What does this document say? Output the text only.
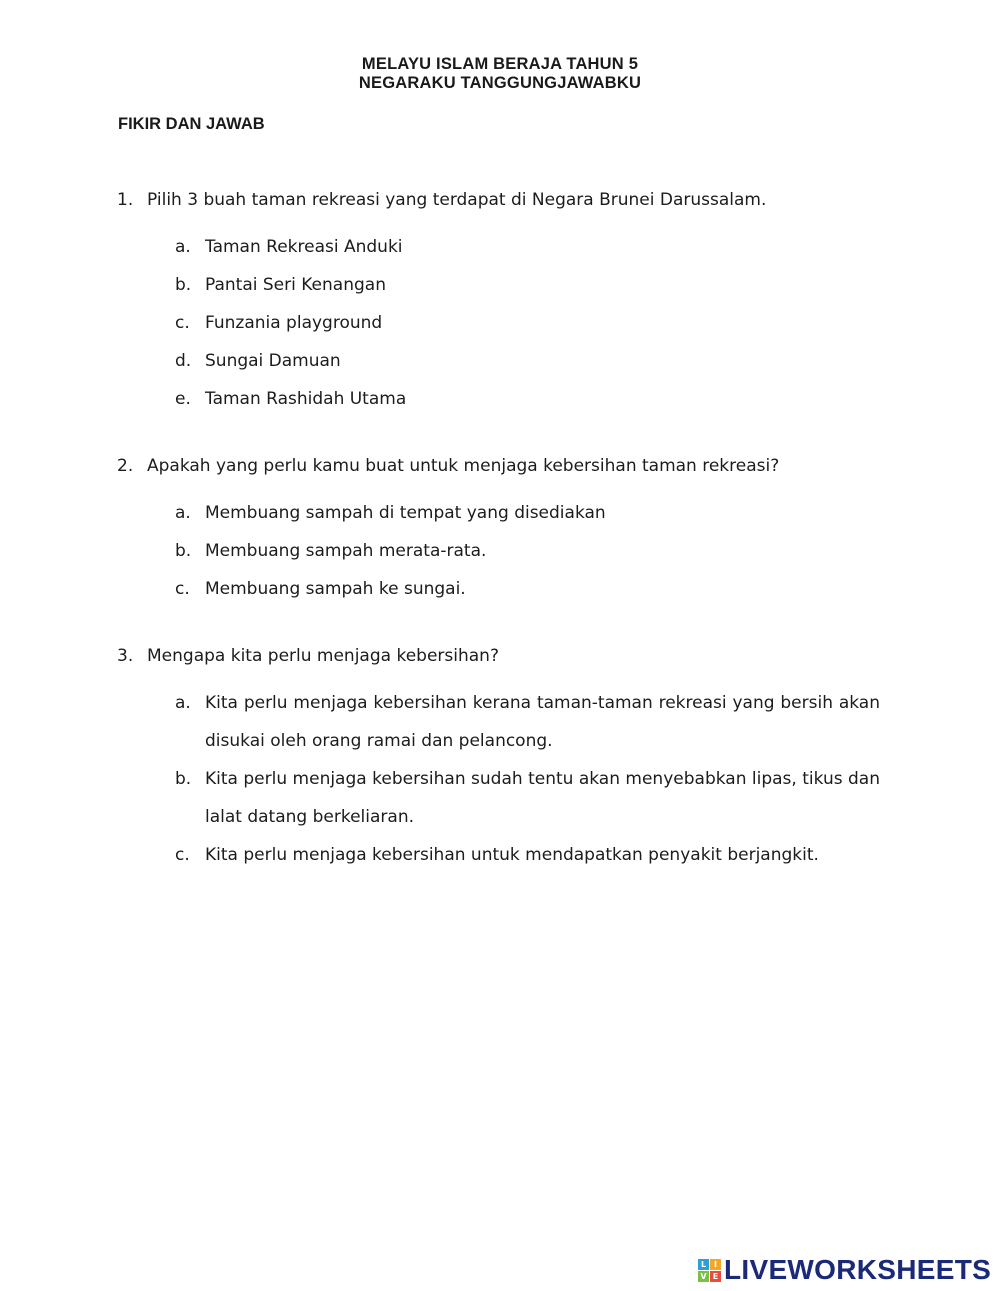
MELAYU ISLAM BERAJA TAHUN 5
NEGARAKU TANGGUNGJAWABKU
FIKIR DAN JAWAB
1. Pilih 3 buah taman rekreasi yang terdapat di Negara Brunei Darussalam.
a. Taman Rekreasi Anduki
b. Pantai Seri Kenangan
c. Funzania playground
d. Sungai Damuan
e. Taman Rashidah Utama
2. Apakah yang perlu kamu buat untuk menjaga kebersihan taman rekreasi?
a. Membuang sampah di tempat yang disediakan
b. Membuang sampah merata-rata.
c. Membuang sampah ke sungai.
3. Mengapa kita perlu menjaga kebersihan?
a. Kita perlu menjaga kebersihan kerana taman-taman rekreasi yang bersih akan disukai oleh orang ramai dan pelancong.
b. Kita perlu menjaga kebersihan sudah tentu akan menyebabkan lipas, tikus dan lalat datang berkeliaran.
c. Kita perlu menjaga kebersihan untuk mendapatkan penyakit berjangkit.
L I
V E LIVEWORKSHEETS
